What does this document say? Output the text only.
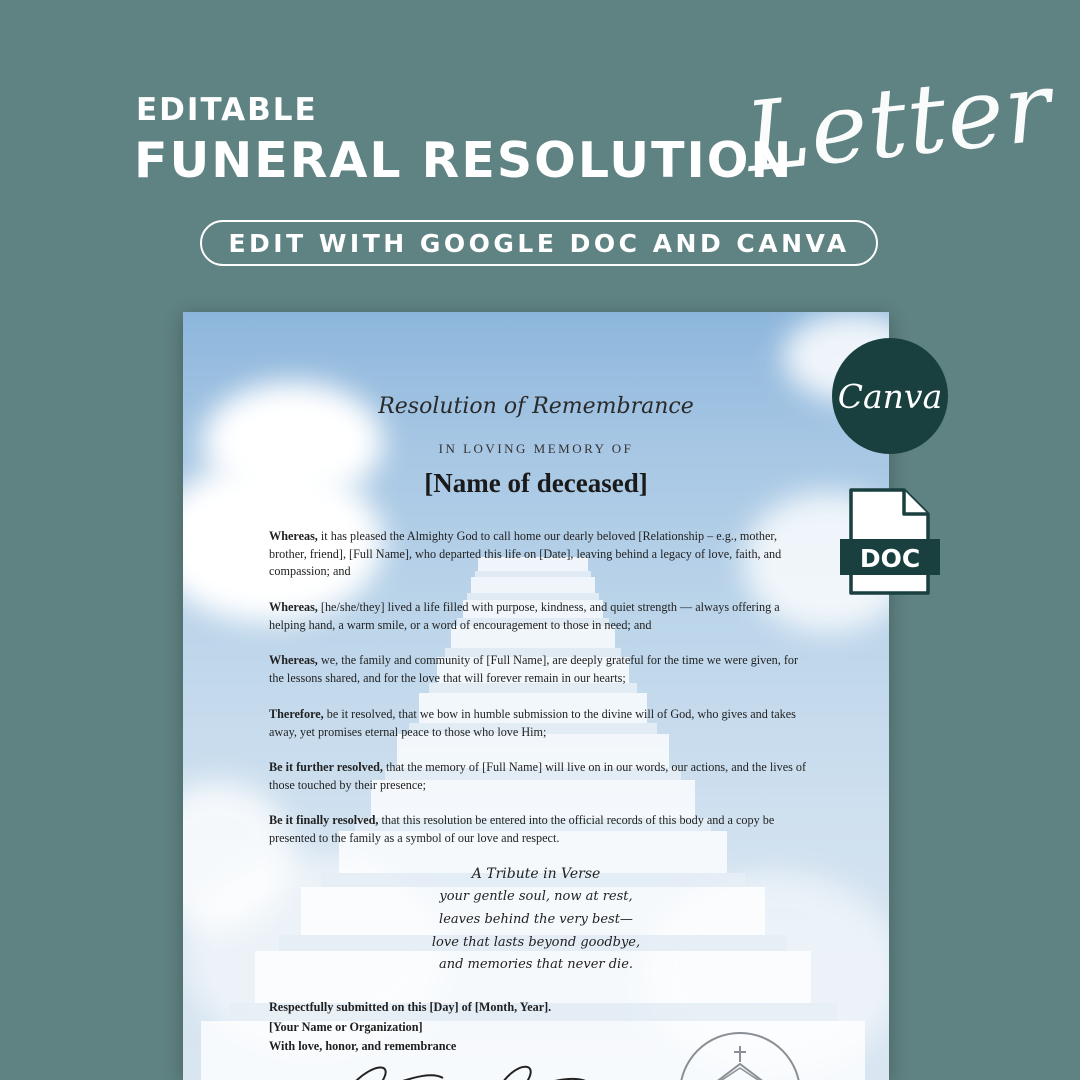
EDITABLE
FUNERAL RESOLUTION
Letter
EDIT WITH GOOGLE DOC AND CANVA
Resolution of Remembrance
IN LOVING MEMORY OF
[Name of deceased]
Whereas, it has pleased the Almighty God to call home our dearly beloved [Relationship – e.g., mother, brother, friend], [Full Name], who departed this life on [Date], leaving behind a legacy of love, faith, and compassion; and
Whereas, [he/she/they] lived a life filled with purpose, kindness, and quiet strength — always offering a helping hand, a warm smile, or a word of encouragement to those in need; and
Whereas, we, the family and community of [Full Name], are deeply grateful for the time we were given, for the lessons shared, and for the love that will forever remain in our hearts;
Therefore, be it resolved, that we bow in humble submission to the divine will of God, who gives and takes away, yet promises eternal peace to those who love Him;
Be it further resolved, that the memory of [Full Name] will live on in our words, our actions, and the lives of those touched by their presence;
Be it finally resolved, that this resolution be entered into the official records of this body and a copy be presented to the family as a symbol of our love and respect.
A Tribute in Verse
your gentle soul, now at rest,
leaves behind the very best—
love that lasts beyond goodbye,
and memories that never die.
Respectfully submitted on this [Day] of [Month, Year].
[Your Name or Organization]
With love, honor, and remembrance
Canva
DOC
